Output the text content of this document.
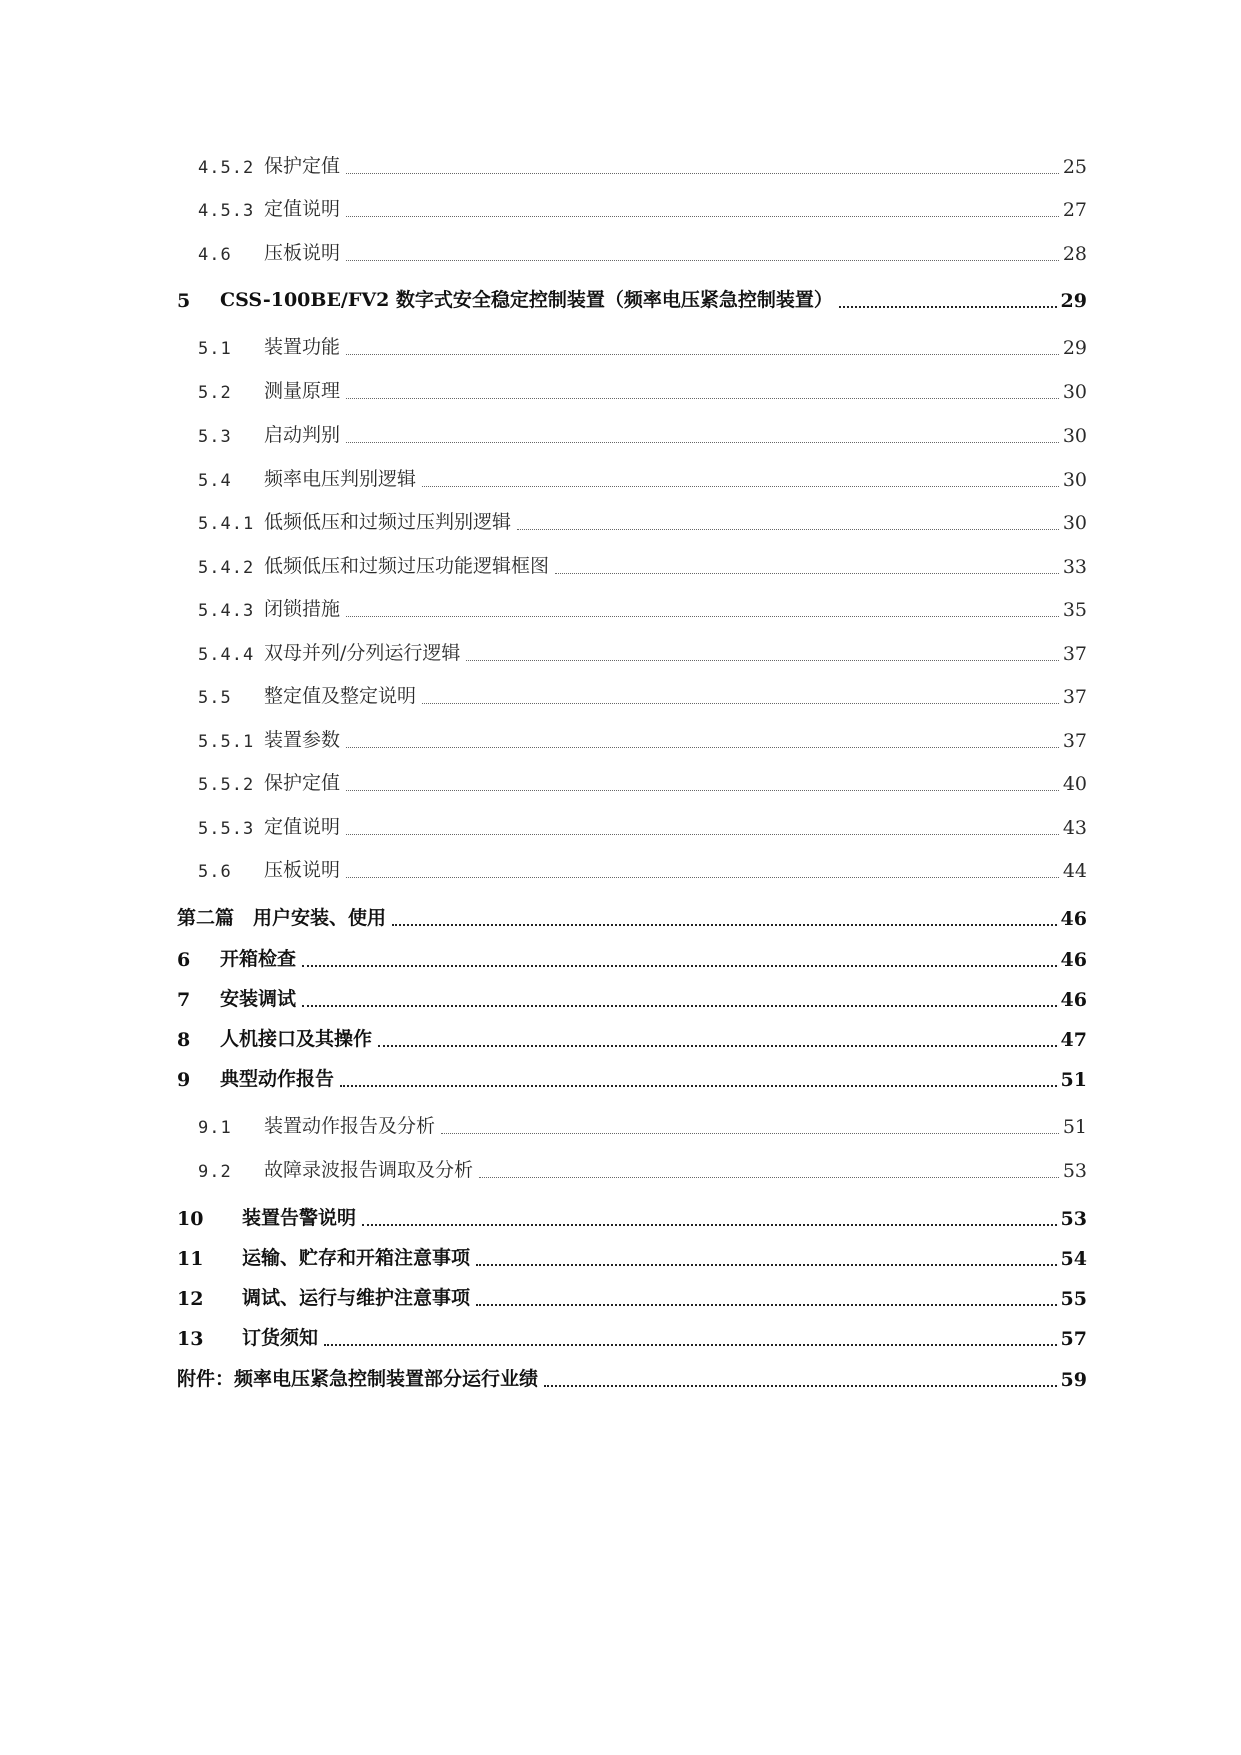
4.5.2 保护定值	25
4.5.3 定值说明	27
4.6 压板说明	28
5 CSS-100BE/FV2 数字式安全稳定控制装置（频率电压紧急控制装置）	29
5.1 装置功能	29
5.2 测量原理	30
5.3 启动判别	30
5.4 频率电压判别逻辑	30
5.4.1 低频低压和过频过压判别逻辑	30
5.4.2 低频低压和过频过压功能逻辑框图	33
5.4.3 闭锁措施	35
5.4.4 双母并列/分列运行逻辑	37
5.5 整定值及整定说明	37
5.5.1 装置参数	37
5.5.2 保护定值	40
5.5.3 定值说明	43
5.6 压板说明	44
第二篇　用户安装、使用	46
6 开箱检查	46
7 安装调试	46
8 人机接口及其操作	47
9 典型动作报告	51
9.1 装置动作报告及分析	51
9.2 故障录波报告调取及分析	53
10 装置告警说明	53
11 运输、贮存和开箱注意事项	54
12 调试、运行与维护注意事项	55
13 订货须知	57
附件：频率电压紧急控制装置部分运行业绩	59
